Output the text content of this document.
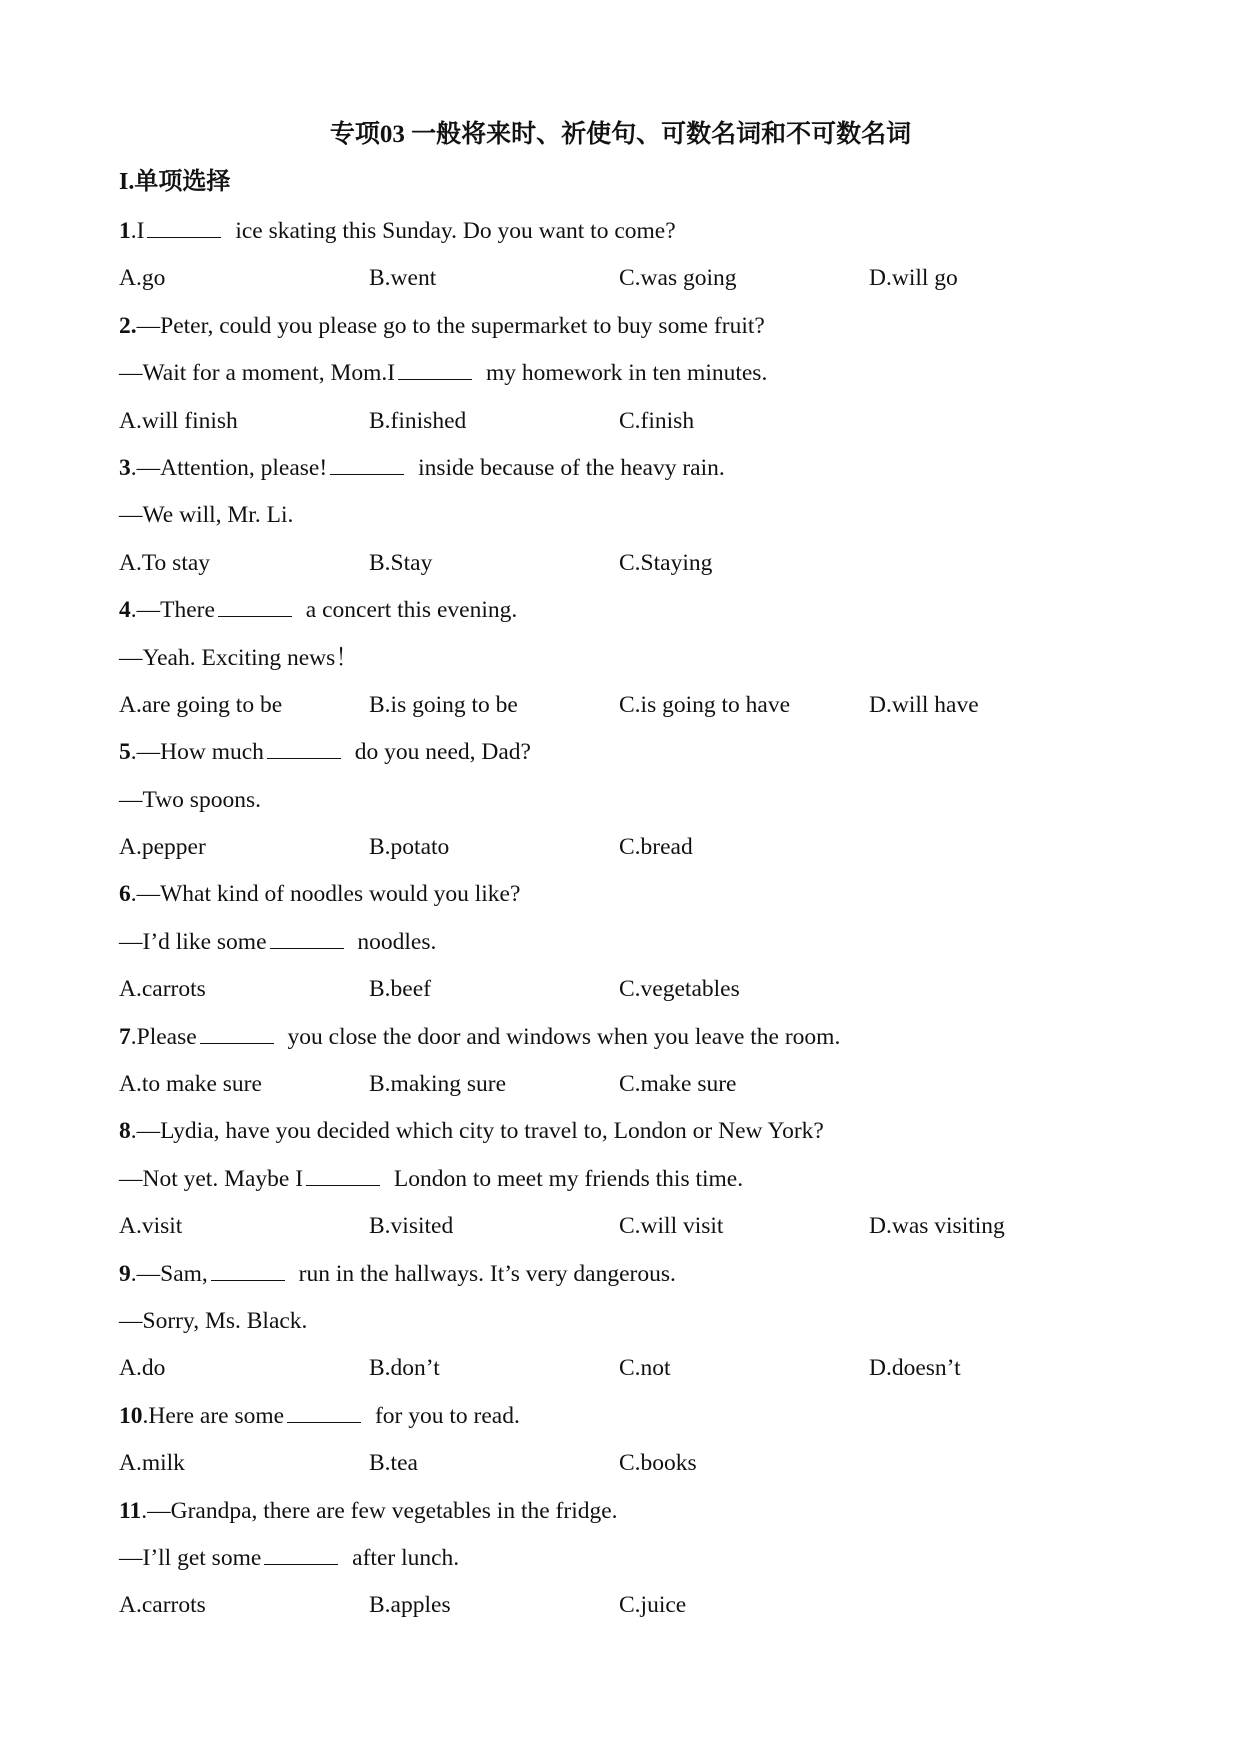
专项03 一般将来时、祈使句、可数名词和不可数名词
I.单项选择
1.I	ice skating this Sunday. Do you want to come?
A.go	B.went	C.was going	D.will go
2.—Peter, could you please go to the supermarket to buy some fruit?
—Wait for a moment, Mom.I	my homework in ten minutes.
A.will finish	B.finished	C.finish
3.—Attention, please!	inside because of the heavy rain.
—We will, Mr. Li.
A.To stay	B.Stay	C.Staying
4.—There	a concert this evening.
—Yeah. Exciting news！
A.are going to be	B.is going to be	C.is going to have	D.will have
5.—How much	do you need, Dad?
—Two spoons.
A.pepper	B.potato	C.bread
6.—What kind of noodles would you like?
—I’d like some	noodles.
A.carrots	B.beef	C.vegetables
7.Please	you close the door and windows when you leave the room.
A.to make sure	B.making sure	C.make sure
8.—Lydia, have you decided which city to travel to, London or New York?
—Not yet. Maybe I	London to meet my friends this time.
A.visit	B.visited	C.will visit	D.was visiting
9.—Sam,	run in the hallways. It’s very dangerous.
—Sorry, Ms. Black.
A.do	B.don’t	C.not	D.doesn’t
10.Here are some	for you to read.
A.milk	B.tea	C.books
11.—Grandpa, there are few vegetables in the fridge.
—I’ll get some	after lunch.
A.carrots	B.apples	C.juice
